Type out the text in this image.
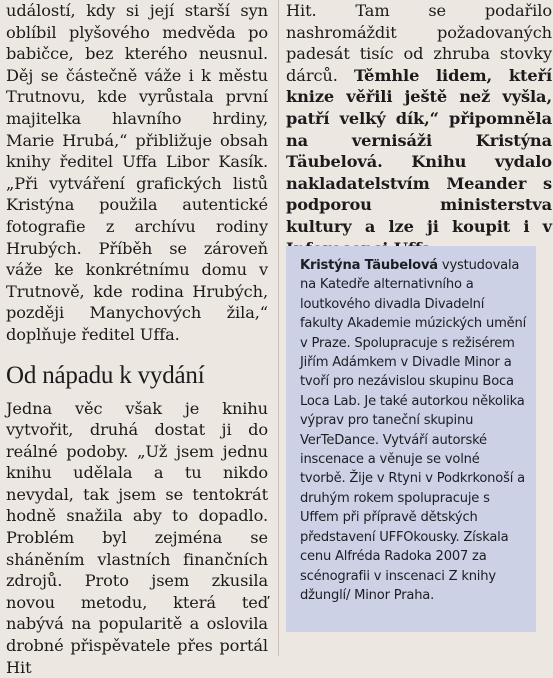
událostí, kdy si její starší syn oblíbil plyšového medvěda po babičce, bez kterého neusnul. Děj se částečně váže i k městu Trutnovu, kde vyrůstala první majitelka hlavního hrdiny, Marie Hrubá,“ přibližuje obsah knihy ředitel Uffa Libor Kasík. „Při vytváření grafických listů Kristýna použila autentické fotografie z archívu rodiny Hrubých. Příběh se zároveň váže ke konkrétnímu domu v Trutnově, kde rodina Hrubých, později Manychových žila,“ doplňuje ředitel Uffa.

Od nápadu k vydání

Jedna věc však je knihu vytvořit, druhá dostat ji do reálné podoby. „Už jsem jednu knihu udělala a tu nikdo nevydal, tak jsem se tentokrát hodně snažila aby to dopadlo. Problém byl zejména se sháněním vlastních finančních zdrojů. Proto jsem zkusila novou metodu, která teď nabývá na popularitě a oslovila drobné přispěvatele přes portál Hit

Hit. Tam se podařilo nashromáždit požadovaných padesát tisíc od zhruba stovky dárců. Těmhle lidem, kteří knize věřili ještě než vyšla, patří velký dík,“ připomněla na vernisáži Kristýna Täubelová. Knihu vydalo nakladatelstvím Meander s podporou ministerstva kultury a lze ji koupit i v

Kristýna Täubelová vystudovala na Katedře alternativního a loutkového divadla Divadelní fakulty Akademie múzických umění v Praze. Spolupracuje s režisérem Jiřím Adámkem v Divadle Minor a tvoří pro nezávislou skupinu Boca Loca Lab. Je také autorkou několika výprav pro taneční skupinu VerTeDance. Vytváří autorské inscenace a věnuje se volné tvorbě. Žije v Rtyni v Podkrkonoší a druhým rokem spolupracuje s Uffem při přípravě dětských představení UFFOkousky. Získala cenu Alfréda Radoka 2007 za scénografii v inscenaci Z knihy džunglí/ Minor Praha.
